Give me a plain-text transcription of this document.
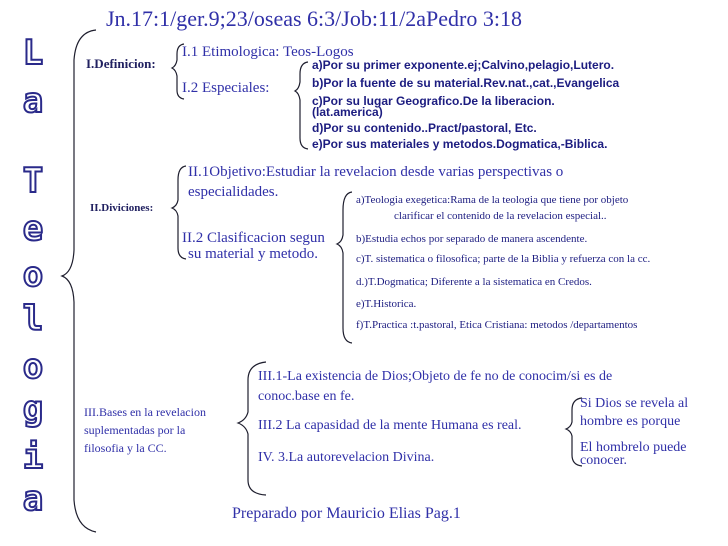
Jn.17:1/ger.9;23/oseas 6:3/Job:11/2aPedro 3:18
L
a
T
e
o
l
o
g
i
a
I.Definicion:
I.1 Etimologica: Teos-Logos
I.2 Especiales:
a)Por su primer exponente.ej;Calvino,pelagio,Lutero.
b)Por la fuente de su material.Rev.nat.,cat.,Evangelica
c)Por su lugar Geografico.De la liberacion.
(lat.america)
d)Por su contenido..Pract/pastoral, Etc.
e)Por sus materiales y metodos.Dogmatica,-Biblica.
II.Diviciones:
II.1Objetivo:Estudiar la revelacion desde varias perspectivas o
especialidades.
II.2 Clasificacion segun
su material y metodo.
a)Teologia exegetica:Rama de la teologia que tiene por objeto
clarificar el contenido de la revelacion especial..
b)Estudia echos por separado de manera ascendente.
c)T. sistematica o filosofica; parte de la Biblia y refuerza con la cc.
d.)T.Dogmatica; Diferente a la sistematica en Credos.
e)T.Historica.
f)T.Practica :t.pastoral, Etica Cristiana: metodos /departamentos
III.Bases en la revelacion
suplementadas por la
filosofia y la CC.
III.1-La existencia de Dios;Objeto de fe no de conocim/si es de
conoc.base en fe.
III.2 La capasidad de la mente Humana es real.
IV. 3.La autorevelacion Divina.
Si Dios se revela al
hombre es porque
El hombrelo puede
conocer.
Preparado por Mauricio Elias Pag.1
